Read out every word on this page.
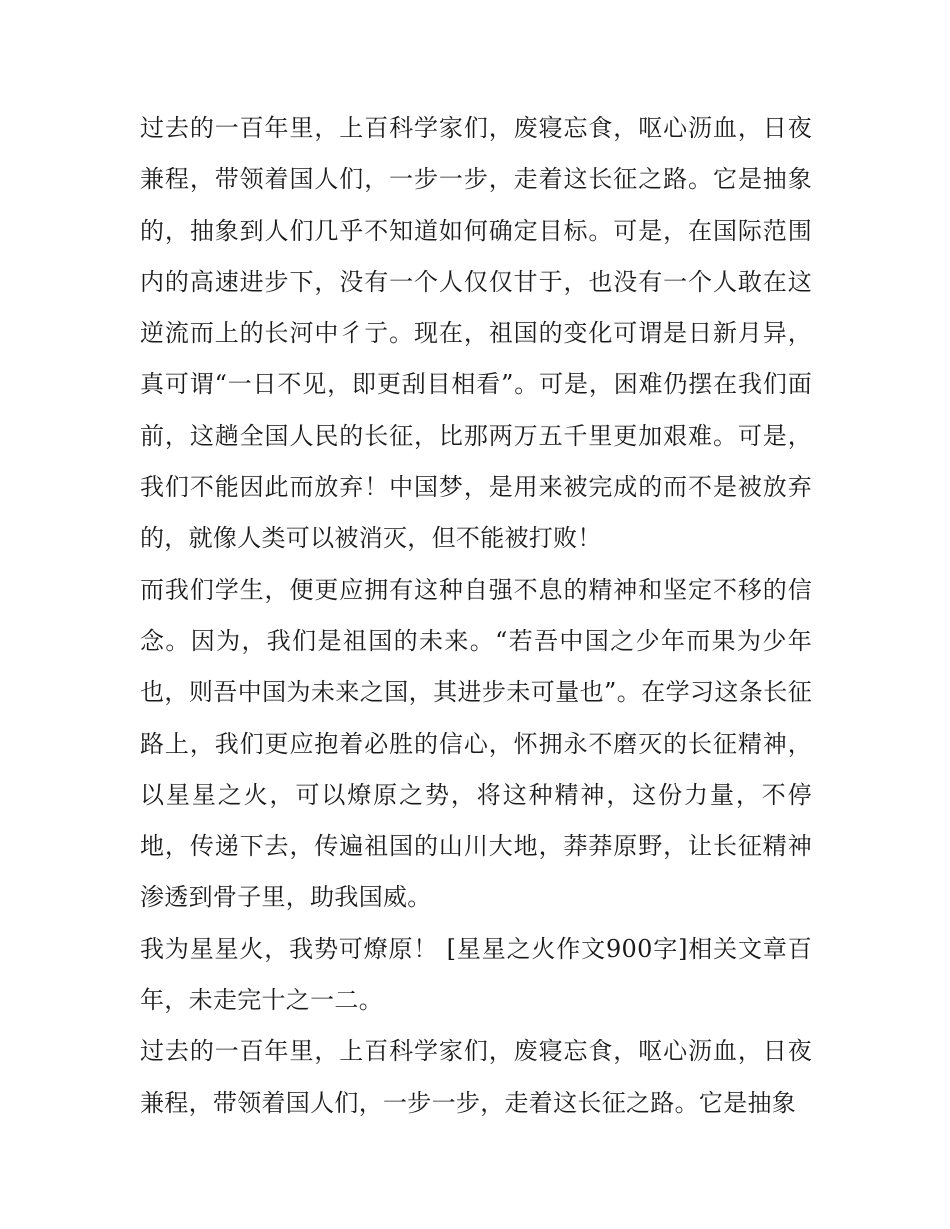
过去的一百年里，上百科学家们，废寝忘食，呕心沥血，日夜兼程，带领着国人们，一步一步，走着这长征之路。它是抽象的，抽象到人们几乎不知道如何确定目标。可是，在国际范围内的高速进步下，没有一个人仅仅甘于，也没有一个人敢在这逆流而上的长河中彳亍。现在，祖国的变化可谓是日新月异，真可谓“一日不见，即更刮目相看”。可是，困难仍摆在我们面前，这趟全国人民的长征，比那两万五千里更加艰难。可是，我们不能因此而放弃！中国梦，是用来被完成的而不是被放弃的，就像人类可以被消灭，但不能被打败！

而我们学生，便更应拥有这种自强不息的精神和坚定不移的信念。因为，我们是祖国的未来。“若吾中国之少年而果为少年也，则吾中国为未来之国，其进步未可量也”。在学习这条长征路上，我们更应抱着必胜的信心，怀拥永不磨灭的长征精神，以星星之火，可以燎原之势，将这种精神，这份力量，不停地，传递下去，传遍祖国的山川大地，莽莽原野，让长征精神渗透到骨子里，助我国威。

我为星星火，我势可燎原！ [星星之火作文900字]相关文章百年，未走完十之一二。

过去的一百年里，上百科学家们，废寝忘食，呕心沥血，日夜兼程，带领着国人们，一步一步，走着这长征之路。它是抽象
